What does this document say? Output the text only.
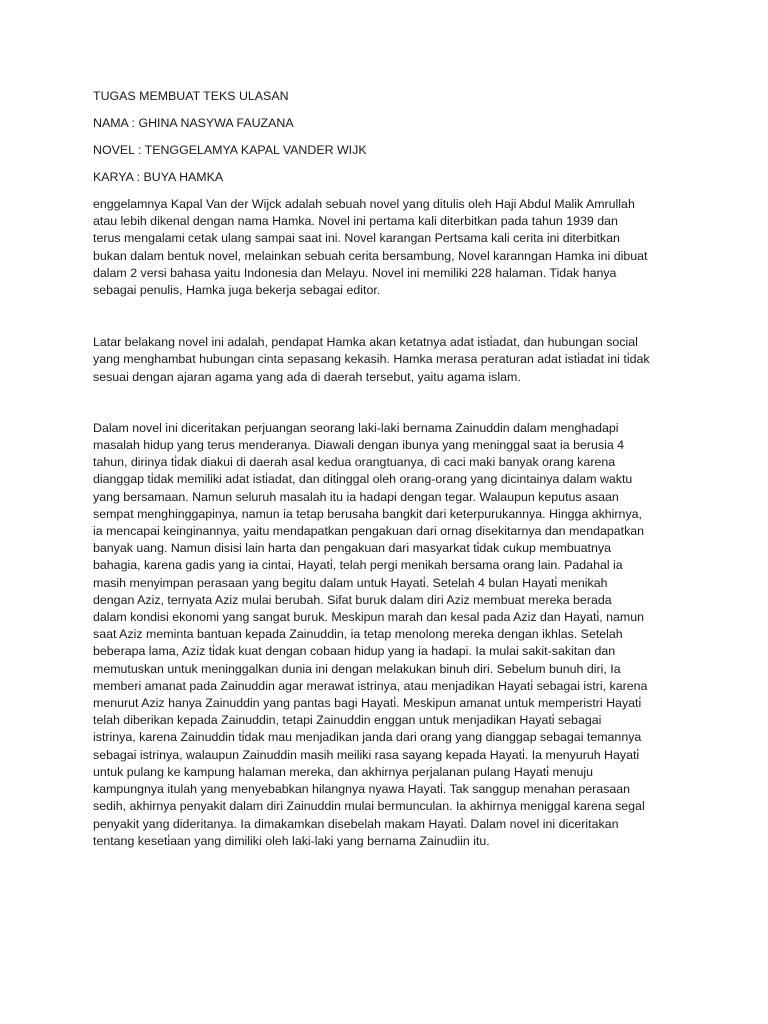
TUGAS MEMBUAT TEKS ULASAN
NAMA : GHINA NASYWA FAUZANA
NOVEL : TENGGELAMYA KAPAL VANDER WIJK
KARYA : BUYA HAMKA
enggelamnya Kapal Van der Wijck adalah sebuah novel yang ditulis oleh Haji Abdul Malik Amrullah
atau lebih dikenal dengan nama Hamka. Novel ini pertama kali diterbitkan pada tahun 1939 dan
terus mengalami cetak ulang sampai saat ini. Novel karangan Pertsama kali cerita ini diterbitkan
bukan dalam bentuk novel, melainkan sebuah cerita bersambung, Novel karanngan Hamka ini dibuat
dalam 2 versi bahasa yaitu Indonesia dan Melayu. Novel ini memiliki 228 halaman. Tidak hanya
sebagai penulis, Hamka juga bekerja sebagai editor.
Latar belakang novel ini adalah, pendapat Hamka akan ketatnya adat isti̇adat, dan hubungan social
yang menghambat hubungan cinta sepasang kekasih. Hamka merasa peraturan adat isti̇adat ini ti̇dak
sesuai dengan ajaran agama yang ada di daerah tersebut, yaitu agama islam.
Dalam novel ini diceritakan perjuangan seorang laki-laki bernama Zainuddin dalam menghadapi
masalah hidup yang terus menderanya. Diawali dengan ibunya yang meninggal saat ia berusia 4
tahun, dirinya ti̇dak diakui di daerah asal kedua orangtuanya, di caci maki banyak orang karena
dianggap ti̇dak memiliki adat isti̇adat, dan diti̇nggal oleh orang-orang yang dicintainya dalam waktu
yang bersamaan. Namun seluruh masalah itu ia hadapi dengan tegar. Walaupun keputus asaan
sempat menghinggapinya, namun ia tetap berusaha bangkit dari keterpurukannya. Hingga akhirnya,
ia mencapai keinginannya, yaitu mendapatkan pengakuan dari ornag disekitarnya dan mendapatkan
banyak uang. Namun disisi lain harta dan pengakuan dari masyarkat ti̇dak cukup membuatnya
bahagia, karena gadis yang ia cintai, Hayati̇, telah pergi menikah bersama orang lain. Padahal ia
masih menyimpan perasaan yang begitu dalam untuk Hayati̇. Setelah 4 bulan Hayati̇ menikah
dengan Aziz, ternyata Aziz mulai berubah. Sifat buruk dalam diri Aziz membuat mereka berada
dalam kondisi ekonomi yang sangat buruk. Meskipun marah dan kesal pada Aziz dan Hayati̇, namun
saat Aziz meminta bantuan kepada Zainuddin, ia tetap menolong mereka dengan ikhlas. Setelah
beberapa lama, Aziz ti̇dak kuat dengan cobaan hidup yang ia hadapi. Ia mulai sakit-sakitan dan
memutuskan untuk meninggalkan dunia ini dengan melakukan binuh diri. Sebelum bunuh diri, Ia
memberi amanat pada Zainuddin agar merawat istrinya, atau menjadikan Hayati̇ sebagai istri, karena
menurut Aziz hanya Zainuddin yang pantas bagi Hayati̇. Meskipun amanat untuk memperistri Hayati̇
telah diberikan kepada Zainuddin, tetapi Zainuddin enggan untuk menjadikan Hayati̇ sebagai
istrinya, karena Zainuddin ti̇dak mau menjadikan janda dari orang yang dianggap sebagai temannya
sebagai istrinya, walaupun Zainuddin masih meiliki rasa sayang kepada Hayati̇. Ia menyuruh Hayati̇
untuk pulang ke kampung halaman mereka, dan akhirnya perjalanan pulang Hayati̇ menuju
kampungnya itulah yang menyebabkan hilangnya nyawa Hayati̇. Tak sanggup menahan perasaan
sedih, akhirnya penyakit dalam diri Zainuddin mulai bermunculan. Ia akhirnya meniggal karena segal
penyakit yang dideritanya. Ia dimakamkan disebelah makam Hayati̇. Dalam novel ini diceritakan
tentang keseti̇aan yang dimiliki oleh laki-laki yang bernama Zainudiin itu.
